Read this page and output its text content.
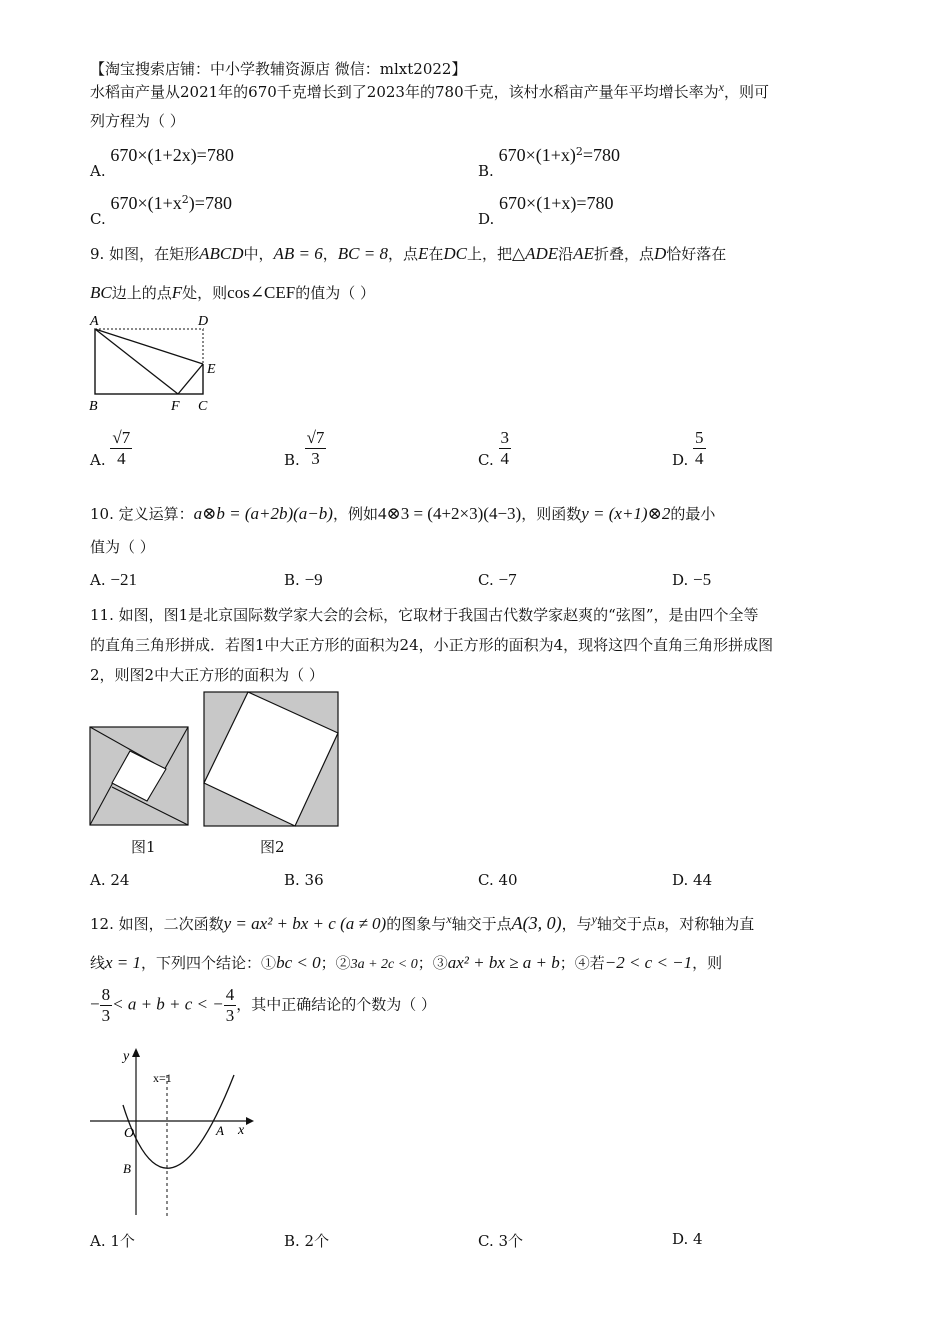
【淘宝搜索店铺：中小学教辅资源店 微信：mlxt2022】
水稻亩产量从2021年的670千克增长到了2023年的780千克，该村水稻亩产量年平均增长率为$^x$，则可
列方程为（ ）
A. 670×(1+2x)=780
B. $670\times(1+x)^2=780$
C. $670\times(1+x^2)=780$
D. 670×(1+x)=780
9. 如图，在矩形ABCD中，AB = 6，BC = 8，点E在DC上，把△ADE沿AE折叠，点D恰好落在
BC边上的点F处，则cos∠CEF的值为（ ）
A	D
E
B	F C
A. $\frac{√7}{4}$	B. $\frac{√7}{3}$	C. $\frac{3}{4}$	D. $\frac{5}{4}$
10. 定义运算：a⊗b = (a+2b)(a−b)，例如4⊗3 = (4+2×3)(4−3)，则函数y = (x+1)⊗2的最小
值为（ ）
A. −21	B. −9	C. −7	D. −5
11. 如图，图1是北京国际数学家大会的会标，它取材于我国古代数学家赵爽的“弦图”，是由四个全等
的直角三角形拼成．若图1中大正方形的面积为24，小正方形的面积为4，现将这四个直角三角形拼成图
2，则图2中大正方形的面积为（ ）
图1	图2
A. 24	B. 36	C. 40	D. 44
12. 如图，二次函数y = ax² + bx + c (a ≠ 0)的图象与$^x$轴交于点A(3, 0)，与$^y$轴交于点B，对称轴为直
线x = 1，下列四个结论：①bc < 0；②3a + 2c < 0；③ax² + bx ≥ a + b；④若−2 < c < −1，则
− $\frac{8}{3} < a + b + c$ < − $\frac{4}{3}$ ，其中正确结论的个数为（ ）
y
x
O	A
B
x=1
A. 1个	B. 2个	C. 3个	D. 4
